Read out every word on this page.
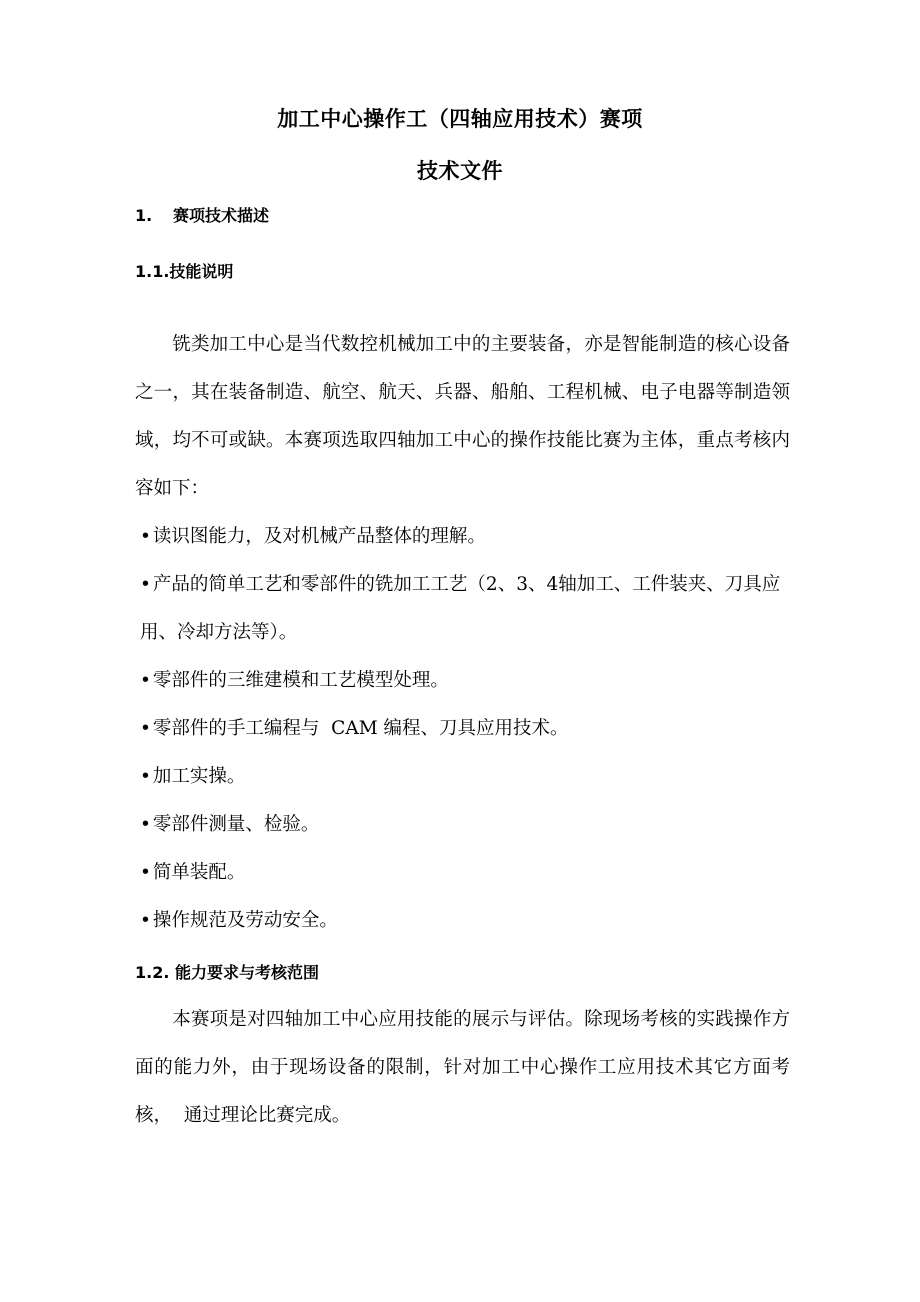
加工中心操作工（四轴应用技术）赛项
技术文件
1. 赛项技术描述
1.1.技能说明

铣类加工中心是当代数控机械加工中的主要装备，亦是智能制造的核心设备之一，其在装备制造、航空、航天、兵器、船舶、工程机械、电子电器等制造领域，均不可或缺。本赛项选取四轴加工中心的操作技能比赛为主体，重点考核内容如下：

• 读识图能力，及对机械产品整体的理解。

• 产品的简单工艺和零部件的铣加工工艺（2、3、4轴加工、工件装夹、刀具应用、冷却方法等）。

• 零部件的三维建模和工艺模型处理。

• 零部件的手工编程与  CAM 编程、刀具应用技术。

• 加工实操。

• 零部件测量、检验。

• 简单装配。

• 操作规范及劳动安全。

1.2. 能力要求与考核范围

本赛项是对四轴加工中心应用技能的展示与评估。除现场考核的实践操作方面的能力外，由于现场设备的限制，针对加工中心操作工应用技术其它方面考核，  通过理论比赛完成。
